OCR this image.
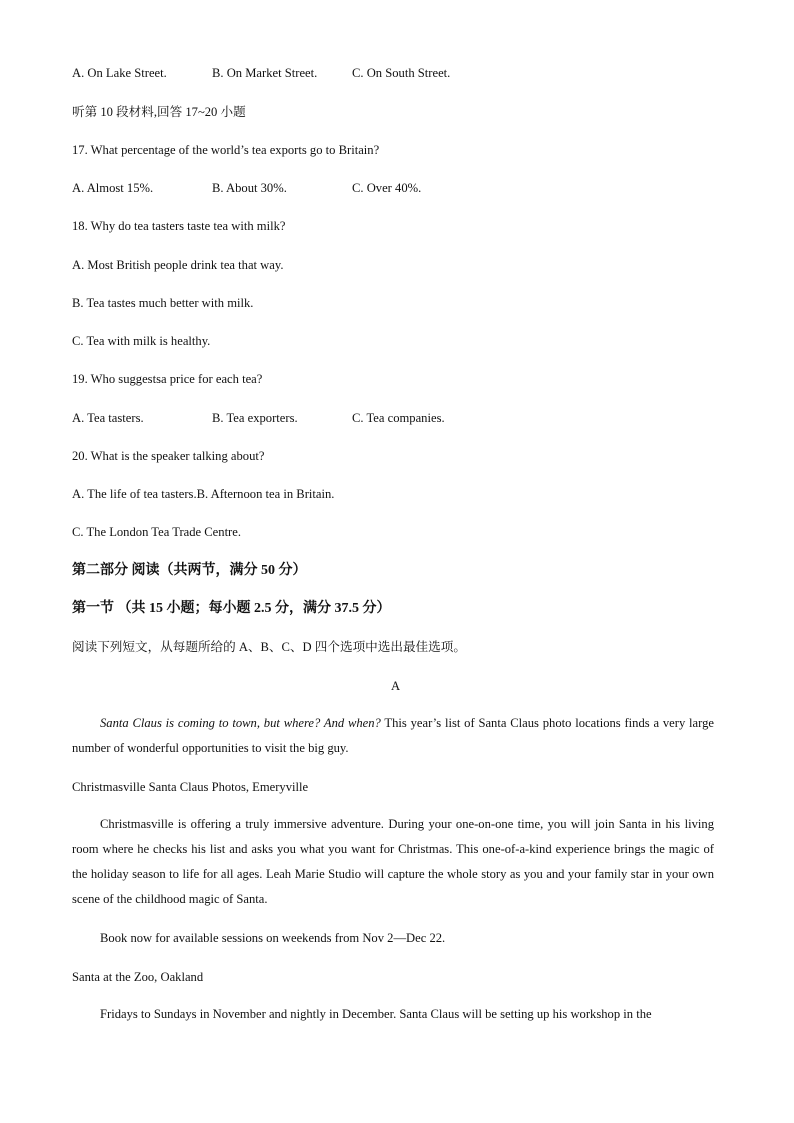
A. On Lake Street.	B. On Market Street.	C. On South Street.
听第 10 段材料,回答 17~20 小题
17. What percentage of the world’s tea exports go to Britain?
A. Almost 15%.	B. About 30%.	C. Over 40%.
18. Why do tea tasters taste tea with milk?
A. Most British people drink tea that way.
B. Tea tastes much better with milk.
C. Tea with milk is healthy.
19. Who suggestsa price for each tea?
A. Tea tasters.	B. Tea exporters.	C. Tea companies.
20. What is the speaker talking about?
A. The life of tea tasters.B. Afternoon tea in Britain.
C. The London Tea Trade Centre.
第二部分 阅读（共两节，满分 50 分）
第一节 （共 15 小题；每小题 2.5 分，满分 37.5 分）
阅读下列短文，从每题所给的 A、B、C、D 四个选项中选出最佳选项。
A
Santa Claus is coming to town, but where? And when? This year’s list of Santa Claus photo locations finds a very large number of wonderful opportunities to visit the big guy.
Christmasville Santa Claus Photos, Emeryville
Christmasville is offering a truly immersive adventure. During your one-on-one time, you will join Santa in his living room where he checks his list and asks you what you want for Christmas. This one-of-a-kind experience brings the magic of the holiday season to life for all ages. Leah Marie Studio will capture the whole story as you and your family star in your own scene of the childhood magic of Santa.
Book now for available sessions on weekends from Nov 2—Dec 22.
Santa at the Zoo, Oakland
Fridays to Sundays in November and nightly in December. Santa Claus will be setting up his workshop in the
